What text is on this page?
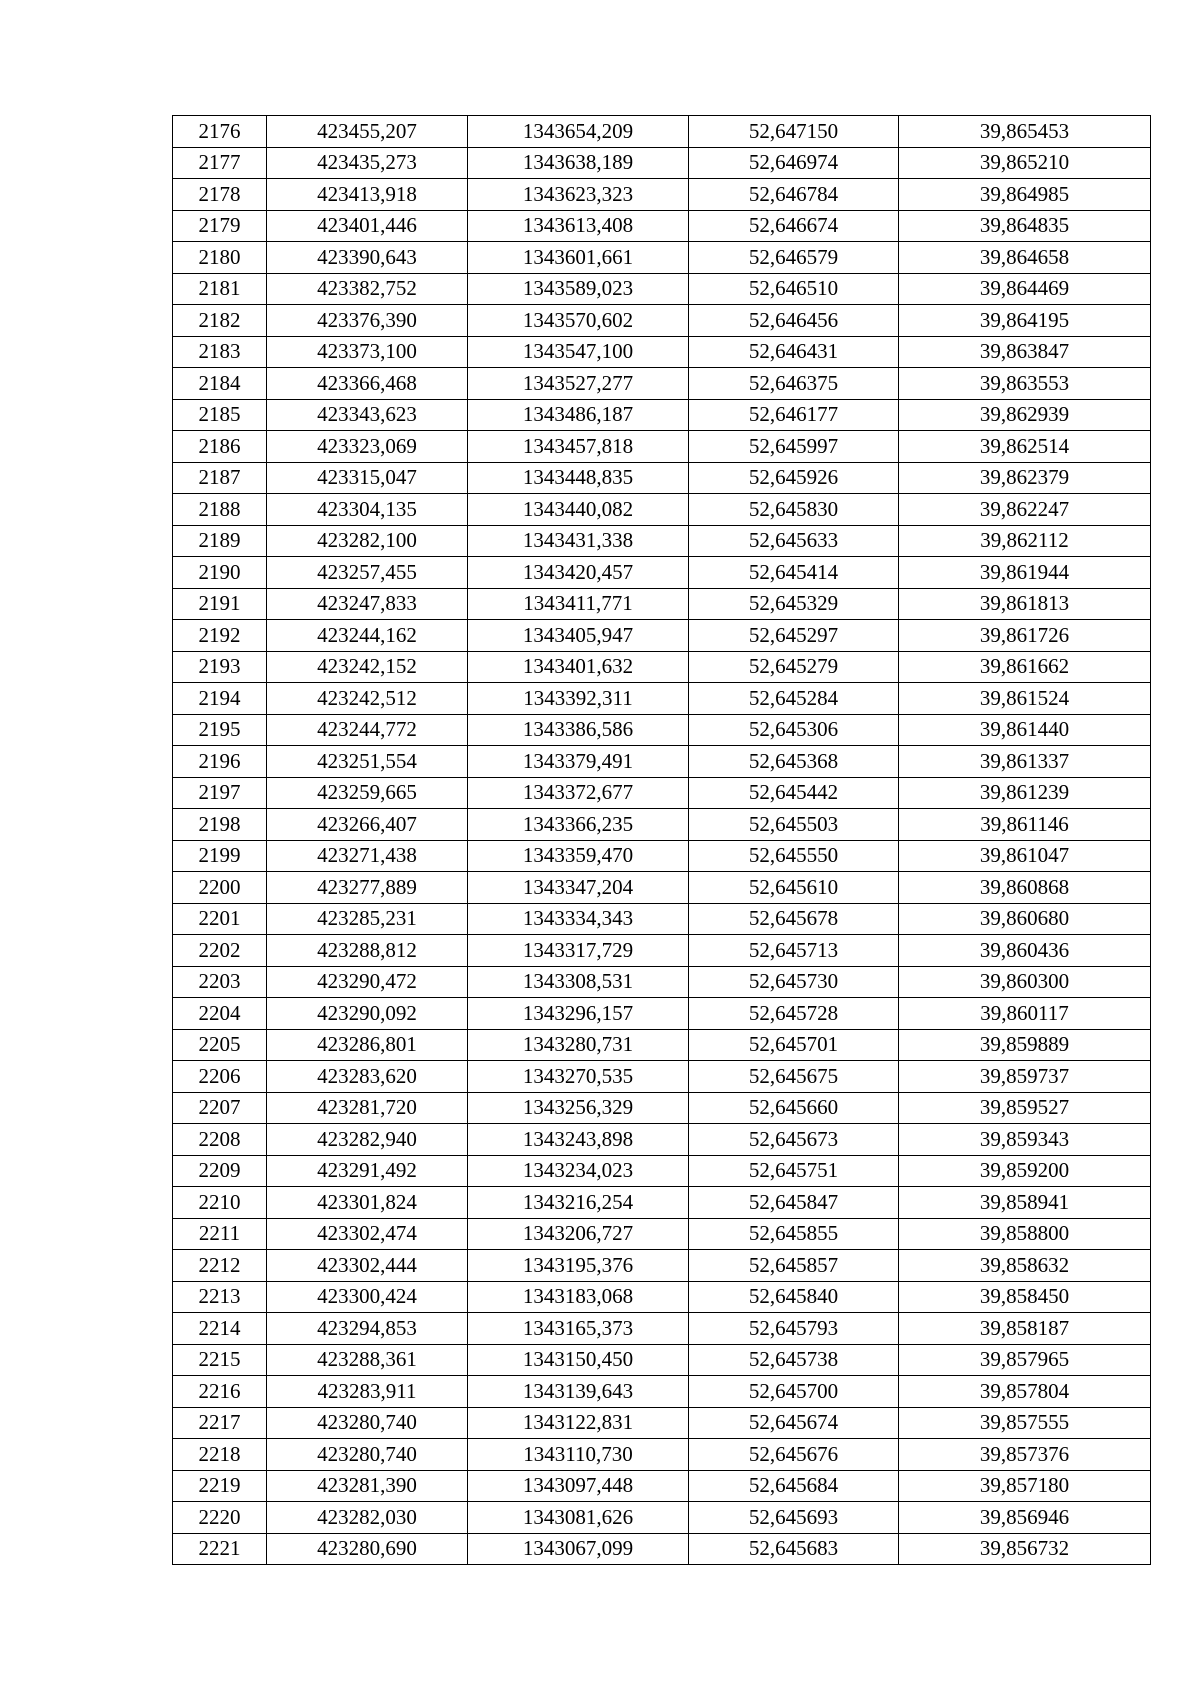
2176	423455,207	1343654,209	52,647150	39,865453
2177	423435,273	1343638,189	52,646974	39,865210
2178	423413,918	1343623,323	52,646784	39,864985
2179	423401,446	1343613,408	52,646674	39,864835
2180	423390,643	1343601,661	52,646579	39,864658
2181	423382,752	1343589,023	52,646510	39,864469
2182	423376,390	1343570,602	52,646456	39,864195
2183	423373,100	1343547,100	52,646431	39,863847
2184	423366,468	1343527,277	52,646375	39,863553
2185	423343,623	1343486,187	52,646177	39,862939
2186	423323,069	1343457,818	52,645997	39,862514
2187	423315,047	1343448,835	52,645926	39,862379
2188	423304,135	1343440,082	52,645830	39,862247
2189	423282,100	1343431,338	52,645633	39,862112
2190	423257,455	1343420,457	52,645414	39,861944
2191	423247,833	1343411,771	52,645329	39,861813
2192	423244,162	1343405,947	52,645297	39,861726
2193	423242,152	1343401,632	52,645279	39,861662
2194	423242,512	1343392,311	52,645284	39,861524
2195	423244,772	1343386,586	52,645306	39,861440
2196	423251,554	1343379,491	52,645368	39,861337
2197	423259,665	1343372,677	52,645442	39,861239
2198	423266,407	1343366,235	52,645503	39,861146
2199	423271,438	1343359,470	52,645550	39,861047
2200	423277,889	1343347,204	52,645610	39,860868
2201	423285,231	1343334,343	52,645678	39,860680
2202	423288,812	1343317,729	52,645713	39,860436
2203	423290,472	1343308,531	52,645730	39,860300
2204	423290,092	1343296,157	52,645728	39,860117
2205	423286,801	1343280,731	52,645701	39,859889
2206	423283,620	1343270,535	52,645675	39,859737
2207	423281,720	1343256,329	52,645660	39,859527
2208	423282,940	1343243,898	52,645673	39,859343
2209	423291,492	1343234,023	52,645751	39,859200
2210	423301,824	1343216,254	52,645847	39,858941
2211	423302,474	1343206,727	52,645855	39,858800
2212	423302,444	1343195,376	52,645857	39,858632
2213	423300,424	1343183,068	52,645840	39,858450
2214	423294,853	1343165,373	52,645793	39,858187
2215	423288,361	1343150,450	52,645738	39,857965
2216	423283,911	1343139,643	52,645700	39,857804
2217	423280,740	1343122,831	52,645674	39,857555
2218	423280,740	1343110,730	52,645676	39,857376
2219	423281,390	1343097,448	52,645684	39,857180
2220	423282,030	1343081,626	52,645693	39,856946
2221	423280,690	1343067,099	52,645683	39,856732
